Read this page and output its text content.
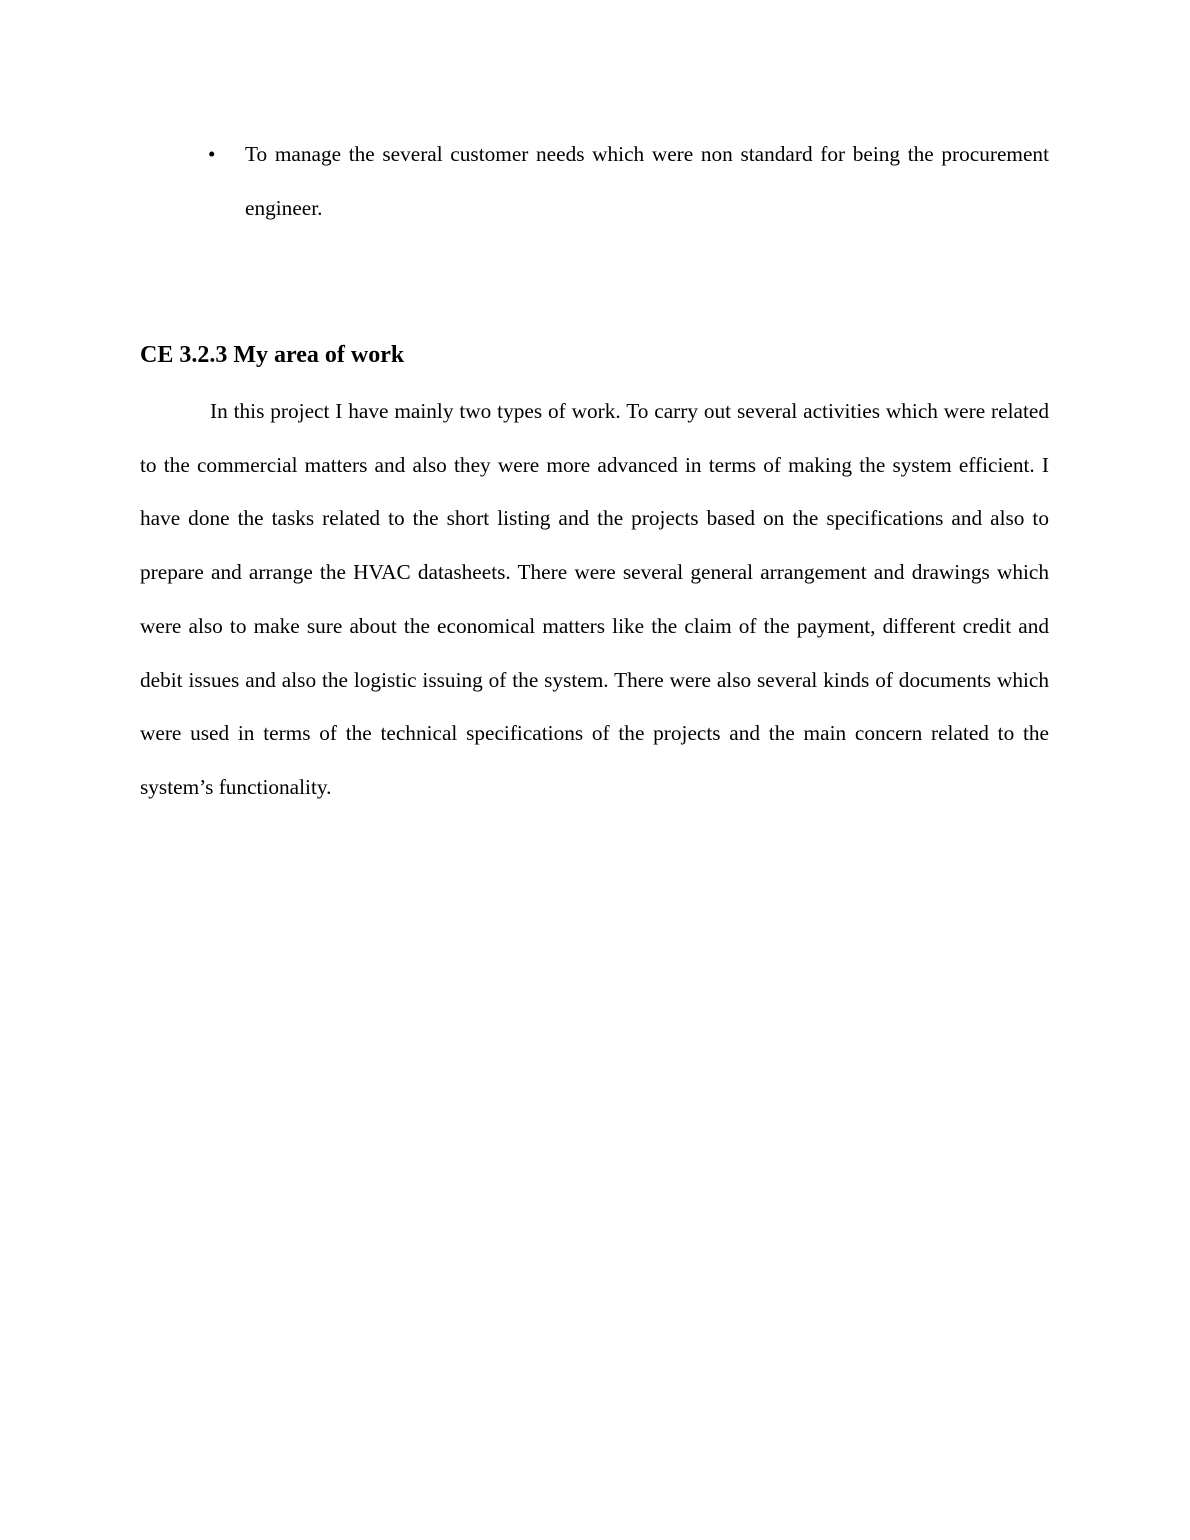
• To manage the several customer needs which were non standard for being the procurement engineer.
CE 3.2.3 My area of work

In this project I have mainly two types of work. To carry out several activities which were related to the commercial matters and also they were more advanced in terms of making the system efficient. I have done the tasks related to the short listing and the projects based on the specifications and also to prepare and arrange the HVAC datasheets. There were several general arrangement and drawings which were also to make sure about the economical matters like the claim of the payment, different credit and debit issues and also the logistic issuing of the system. There were also several kinds of documents which were used in terms of the technical specifications of the projects and the main concern related to the system’s functionality.
